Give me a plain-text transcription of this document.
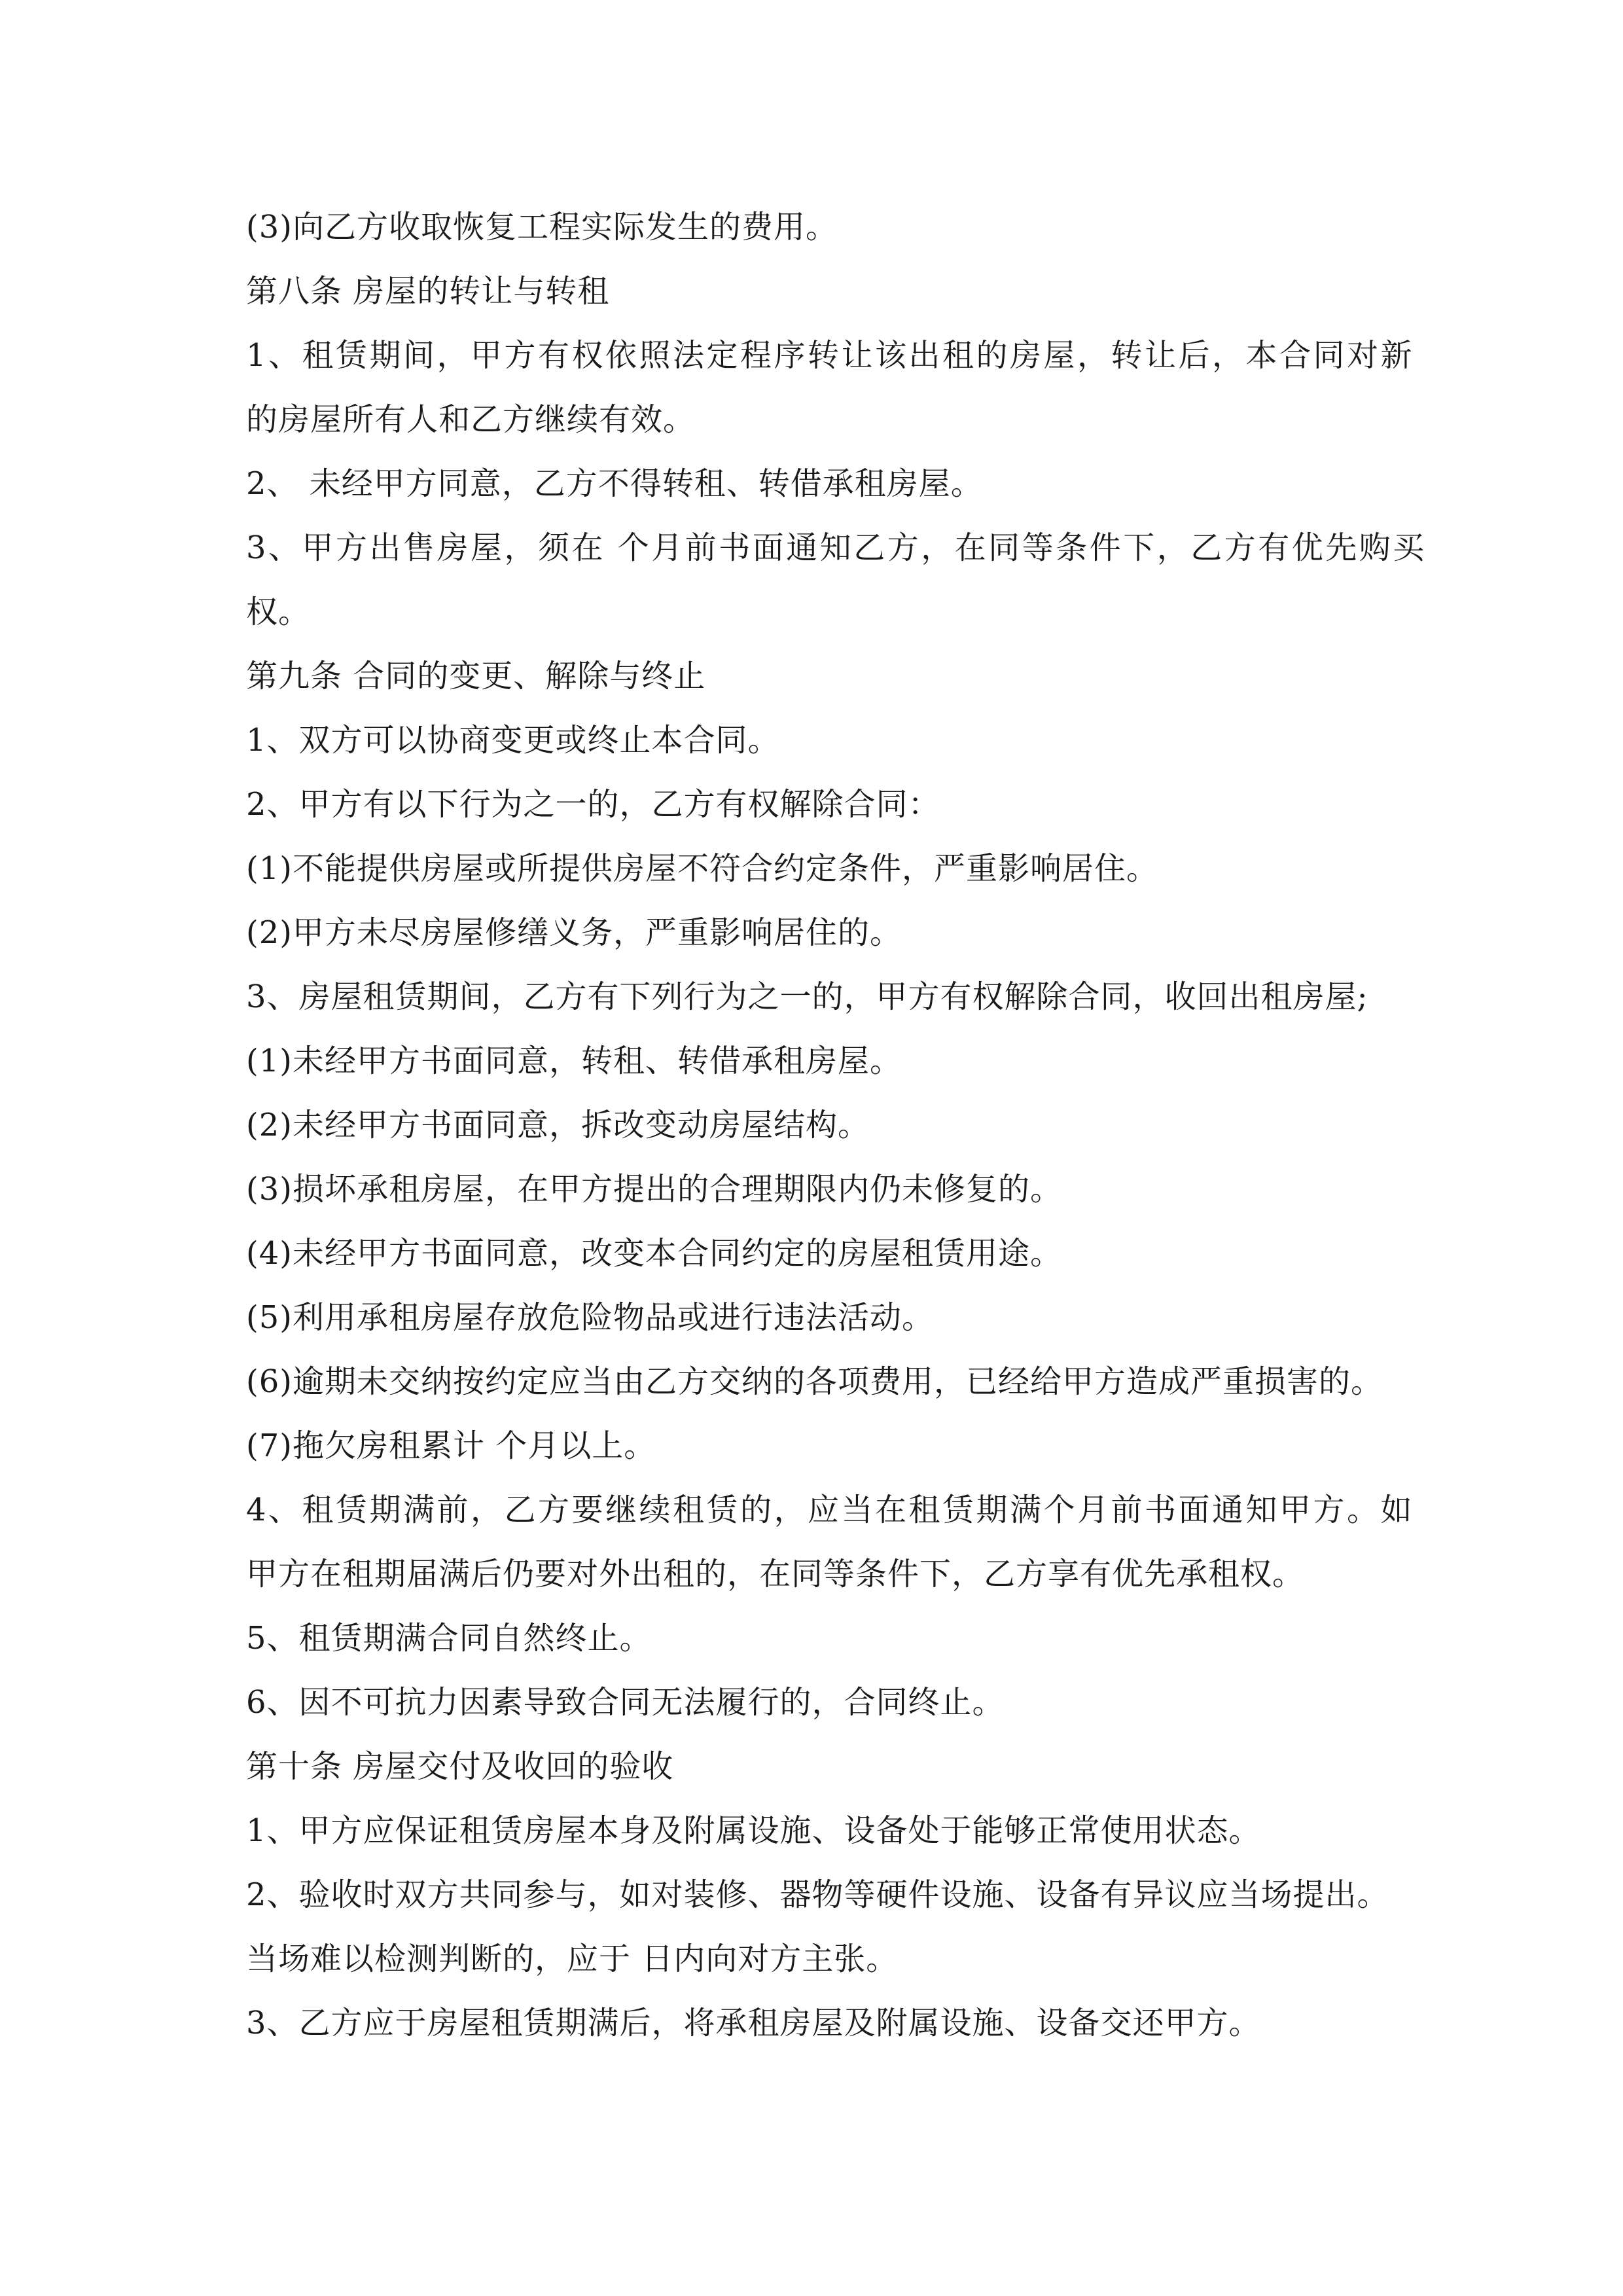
(3)向乙方收取恢复工程实际发生的费用。
第八条 房屋的转让与转租
1、租赁期间，甲方有权依照法定程序转让该出租的房屋，转让后，本合同对新
的房屋所有人和乙方继续有效。
2、 未经甲方同意，乙方不得转租、转借承租房屋。
3、甲方出售房屋，须在 个月前书面通知乙方，在同等条件下，乙方有优先购买
权。
第九条 合同的变更、解除与终止
1、双方可以协商变更或终止本合同。
2、甲方有以下行为之一的，乙方有权解除合同：
(1)不能提供房屋或所提供房屋不符合约定条件，严重影响居住。
(2)甲方未尽房屋修缮义务，严重影响居住的。
3、房屋租赁期间，乙方有下列行为之一的，甲方有权解除合同，收回出租房屋;
(1)未经甲方书面同意，转租、转借承租房屋。
(2)未经甲方书面同意，拆改变动房屋结构。
(3)损坏承租房屋，在甲方提出的合理期限内仍未修复的。
(4)未经甲方书面同意，改变本合同约定的房屋租赁用途。
(5)利用承租房屋存放危险物品或进行违法活动。
(6)逾期未交纳按约定应当由乙方交纳的各项费用，已经给甲方造成严重损害的。
(7)拖欠房租累计 个月以上。
4、租赁期满前，乙方要继续租赁的，应当在租赁期满个月前书面通知甲方。如
甲方在租期届满后仍要对外出租的，在同等条件下，乙方享有优先承租权。
5、租赁期满合同自然终止。
6、因不可抗力因素导致合同无法履行的，合同终止。
第十条 房屋交付及收回的验收
1、甲方应保证租赁房屋本身及附属设施、设备处于能够正常使用状态。
2、验收时双方共同参与，如对装修、器物等硬件设施、设备有异议应当场提出。
当场难以检测判断的，应于 日内向对方主张。
3、乙方应于房屋租赁期满后，将承租房屋及附属设施、设备交还甲方。
